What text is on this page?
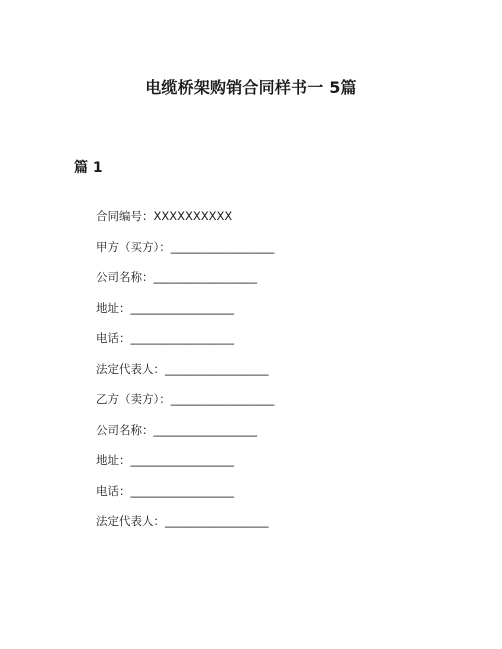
电缆桥架购销合同样书一 5篇
篇 1
合同编号：XXXXXXXXXX
甲方（买方）：__________________
公司名称：__________________
地址：__________________
电话：__________________
法定代表人：__________________
乙方（卖方）：__________________
公司名称：__________________
地址：__________________
电话：__________________
法定代表人：__________________
